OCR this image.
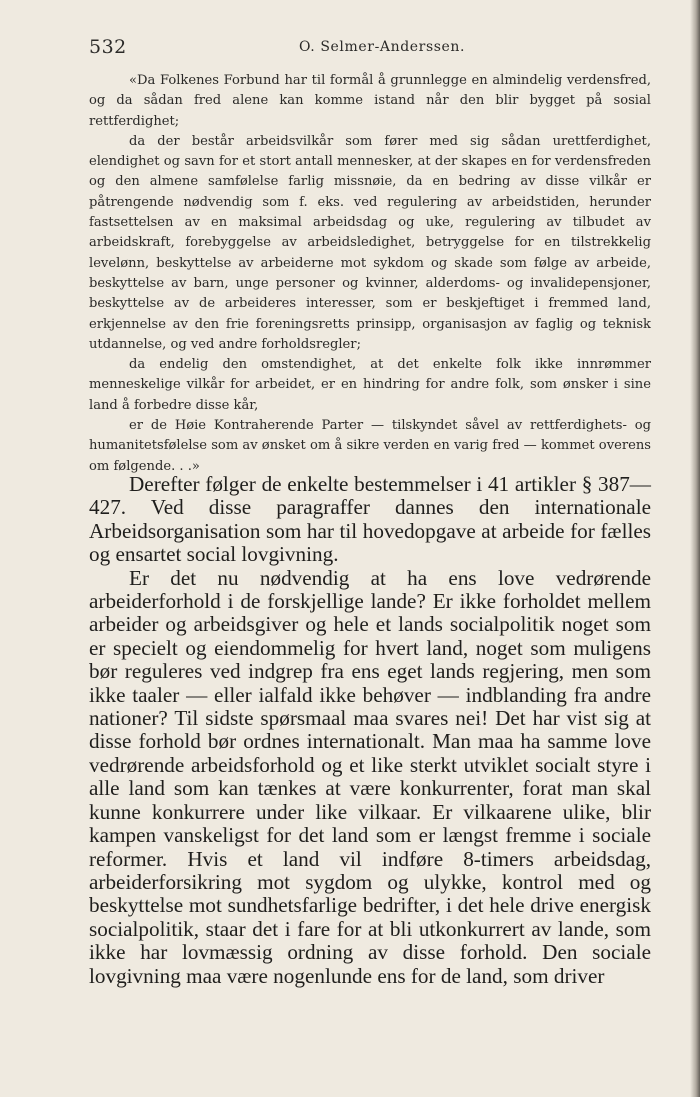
532	O. Selmer-Anderssen.

«Da Folkenes Forbund har til formål å grunnlegge en almindelig verdensfred, og da sådan fred alene kan komme istand når den blir bygget på sosial rettferdighet;

da der består arbeidsvilkår som fører med sig sådan urettferdighet, elendighet og savn for et stort antall mennesker, at der skapes en for verdensfreden og den almene samfølelse farlig missnøie, da en bedring av disse vilkår er påtrengende nødvendig som f. eks. ved regulering av arbeidstiden, herunder fastsettelsen av en maksimal arbeidsdag og uke, regulering av tilbudet av arbeidskraft, forebyggelse av arbeidsledighet, betryggelse for en tilstrekkelig levelønn, beskyttelse av arbeiderne mot sykdom og skade som følge av arbeide, beskyttelse av barn, unge personer og kvinner, alderdoms- og invalidepensjoner, beskyttelse av de arbeideres interesser, som er beskjeftiget i fremmed land, erkjennelse av den frie foreningsretts prinsipp, organisasjon av faglig og teknisk utdannelse, og ved andre forholdsregler;

da endelig den omstendighet, at det enkelte folk ikke innrømmer menneskelige vilkår for arbeidet, er en hindring for andre folk, som ønsker i sine land å forbedre disse kår,

er de Høie Kontraherende Parter — tilskyndet såvel av rettferdighets- og humanitetsfølelse som av ønsket om å sikre verden en varig fred — kommet overens om følgende. . .»

Derefter følger de enkelte bestemmelser i 41 artikler § 387—427. Ved disse paragraffer dannes den internationale Arbeidsorganisation som har til hovedopgave at arbeide for fælles og ensartet social lovgivning.

Er det nu nødvendig at ha ens love vedrørende arbeiderforhold i de forskjellige lande? Er ikke forholdet mellem arbeider og arbeidsgiver og hele et lands socialpolitik noget som er specielt og eiendommelig for hvert land, noget som muligens bør reguleres ved indgrep fra ens eget lands regjering, men som ikke taaler — eller ialfald ikke behøver — indblanding fra andre nationer? Til sidste spørsmaal maa svares nei! Det har vist sig at disse forhold bør ordnes internationalt. Man maa ha samme love vedrørende arbeidsforhold og et like sterkt utviklet socialt styre i alle land som kan tænkes at være konkurrenter, forat man skal kunne konkurrere under like vilkaar. Er vilkaarene ulike, blir kampen vanskeligst for det land som er længst fremme i sociale reformer. Hvis et land vil indføre 8-timers arbeidsdag, arbeiderforsikring mot sygdom og ulykke, kontrol med og beskyttelse mot sundhetsfarlige bedrifter, i det hele drive energisk socialpolitik, staar det i fare for at bli utkonkurrert av lande, som ikke har lovmæssig ordning av disse forhold. Den sociale lovgivning maa være nogenlunde ens for de land, som driver
